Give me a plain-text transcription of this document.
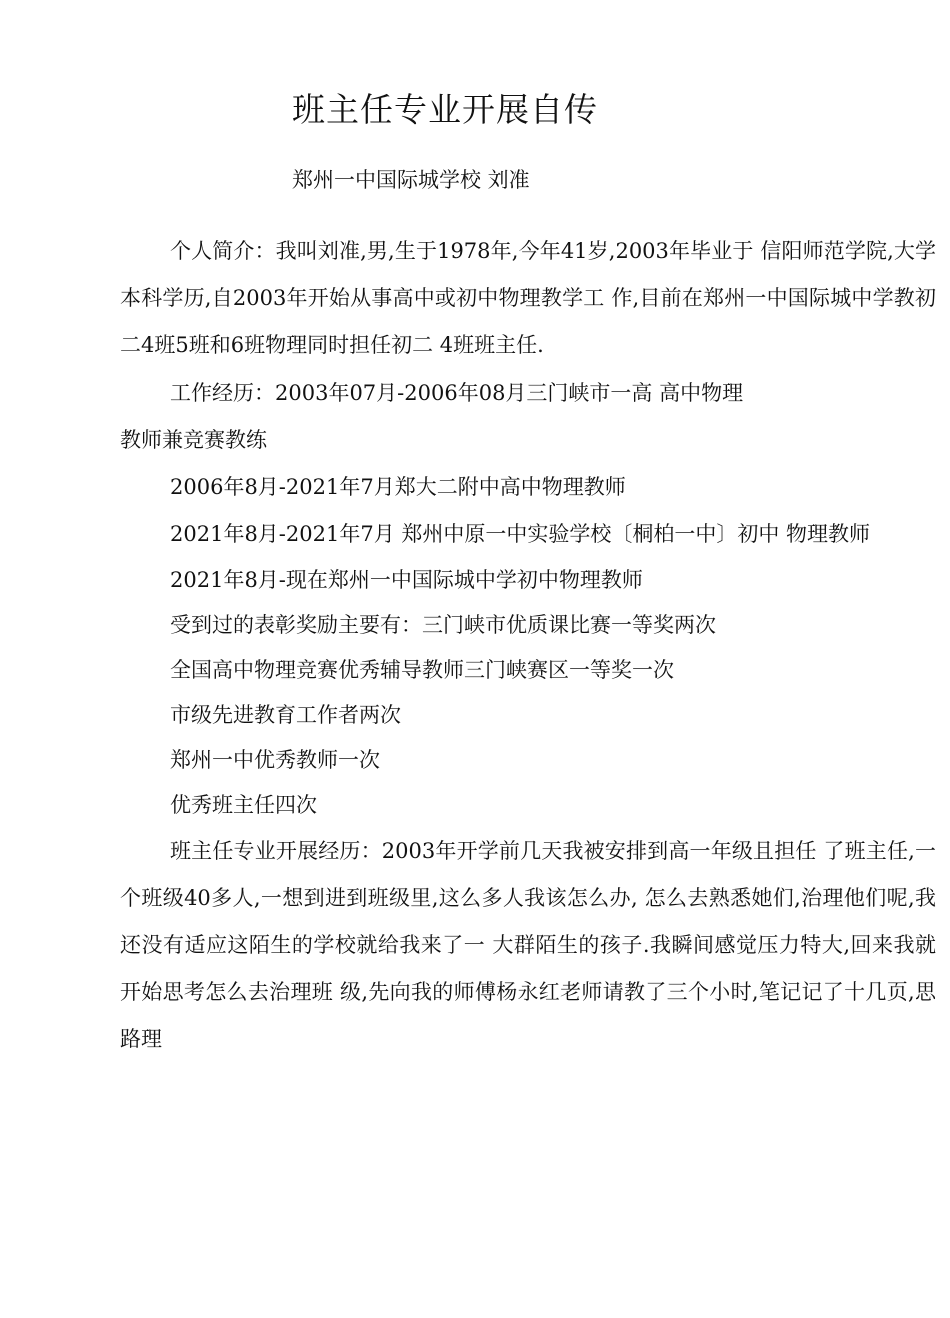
班主任专业开展自传
郑州一中国际城学校 刘准

个人简介：我叫刘准,男,生于1978年,今年41岁,2003年毕业于 信阳师范学院,大学本科学历,自2003年开始从事高中或初中物理教学工 作,目前在郑州一中国际城中学教初二4班5班和6班物理同时担任初二 4班班主任.

工作经历：2003年07月-2006年08月三门峡市一高 高中物理

教师兼竞赛教练

2006年8月-2021年7月郑大二附中高中物理教师

2021年8月-2021年7月 郑州中原一中实验学校〔桐柏一中〕初中 物理教师

2021年8月-现在郑州一中国际城中学初中物理教师

受到过的表彰奖励主要有：三门峡市优质课比赛一等奖两次

全国高中物理竞赛优秀辅导教师三门峡赛区一等奖一次

市级先进教育工作者两次

郑州一中优秀教师一次

优秀班主任四次

班主任专业开展经历：2003年开学前几天我被安排到高一年级且担任 了班主任,一个班级40多人,一想到进到班级里,这么多人我该怎么办, 怎么去熟悉她们,治理他们呢,我还没有适应这陌生的学校就给我来了一 大群陌生的孩子.我瞬间感觉压力特大,回来我就开始思考怎么去治理班 级,先向我的师傅杨永红老师请教了三个小时,笔记记了十几页,思路理
